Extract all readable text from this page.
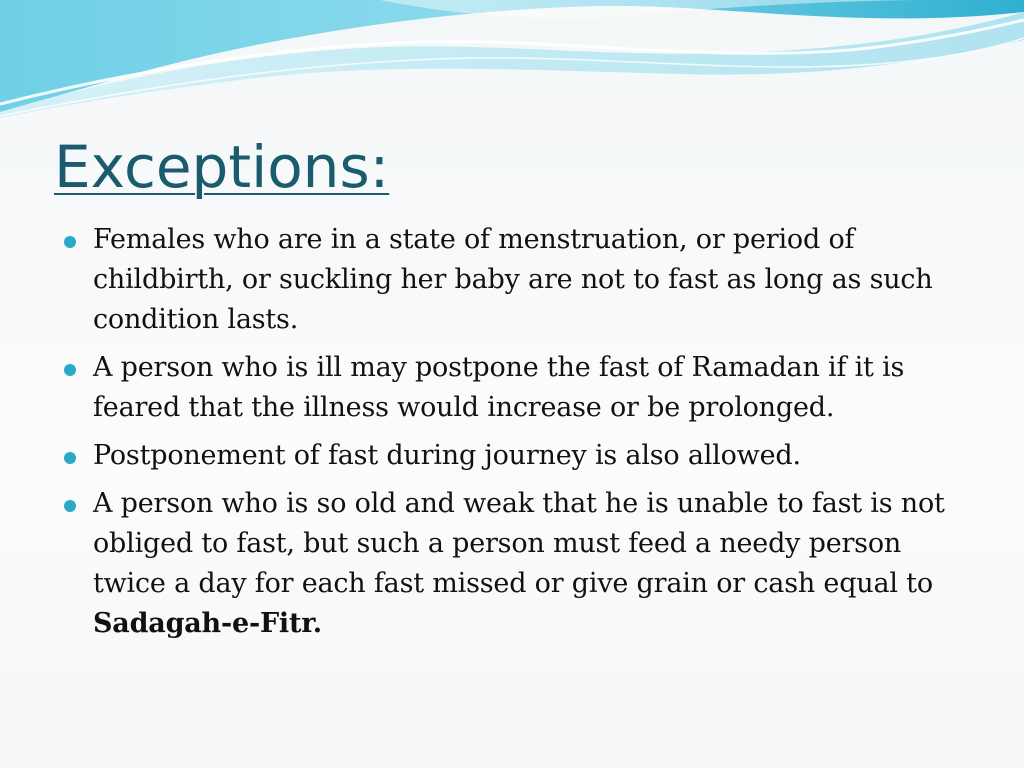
Exceptions:
Females who are in a state of menstruation, or period of childbirth, or suckling her baby are not to fast as long as such condition lasts.
A person who is ill may postpone the fast of Ramadan if it is feared that the illness would increase or be prolonged.
Postponement of fast during journey is also allowed.
A person who is so old and weak that he is unable to fast is not obliged to fast, but such a person must feed a needy person twice a day for each fast missed or give grain or cash equal to Sadagah-e-Fitr.
